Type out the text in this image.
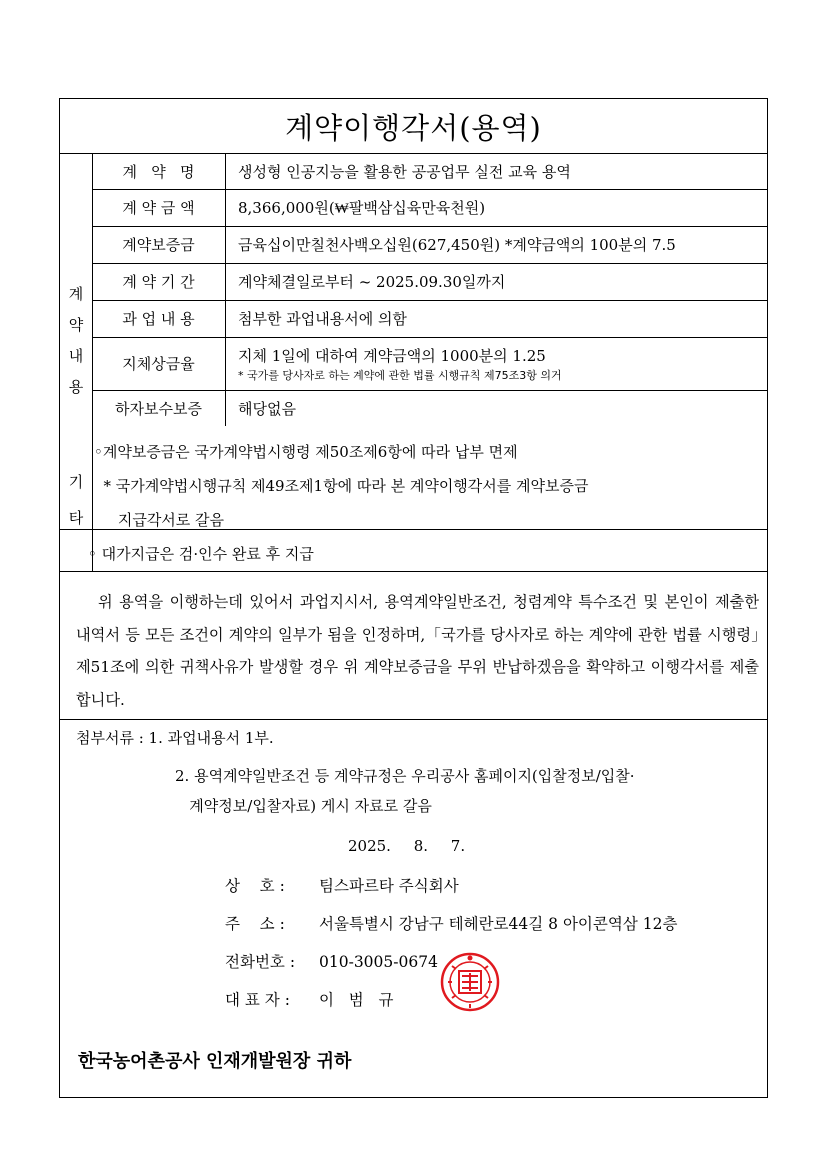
계약이행각서(용역)
계
약
내
용
계   약   명	생성형 인공지능을 활용한 공공업무 실전 교육 용역
계 약 금 액	8,366,000원(₩팔백삼십육만육천원)
계약보증금	금육십이만칠천사백오십원(627,450원) *계약금액의 100분의 7.5
계 약 기 간	계약체결일로부터 ~ 2025.09.30일까지
과 업 내 용	첨부한 과업내용서에 의함
지체상금율	지체 1일에 대하여 계약금액의 1000분의 1.25
* 국가를 당사자로 하는 계약에 관한 법률 시행규칙 제75조3항 의거
하자보수보증	해당없음
기
타
◦계약보증금은 국가계약법시행령 제50조제6항에 따라 납부 면제
* 국가계약법시행규칙 제49조제1항에 따라 본 계약이행각서를 계약보증금
지급각서로 갈음
◦ 대가지급은 검·인수 완료 후 지급

위 용역을 이행하는데 있어서 과업지시서, 용역계약일반조건, 청렴계약 특수조건 및 본인이 제출한 내역서 등 모든 조건이 계약의 일부가 됨을 인정하며,「국가를 당사자로 하는 계약에 관한 법률 시행령」제51조에 의한 귀책사유가 발생할 경우 위 계약보증금을 무위 반납하겠음을 확약하고 이행각서를 제출합니다.

첨부서류 : 1. 과업내용서 1부.
2. 용역계약일반조건 등 계약규정은 우리공사 홈페이지(입찰정보/입찰·
계약정보/입찰자료) 게시 자료로 갈음
2025. 8. 7.
상    호 : 팀스파르타 주식회사
주    소 : 서울특별시 강남구 테헤란로44길 8 아이콘역삼 12층
전화번호 : 010-3005-0674
대 표 자 : 이   범   규
한국농어촌공사 인재개발원장 귀하
